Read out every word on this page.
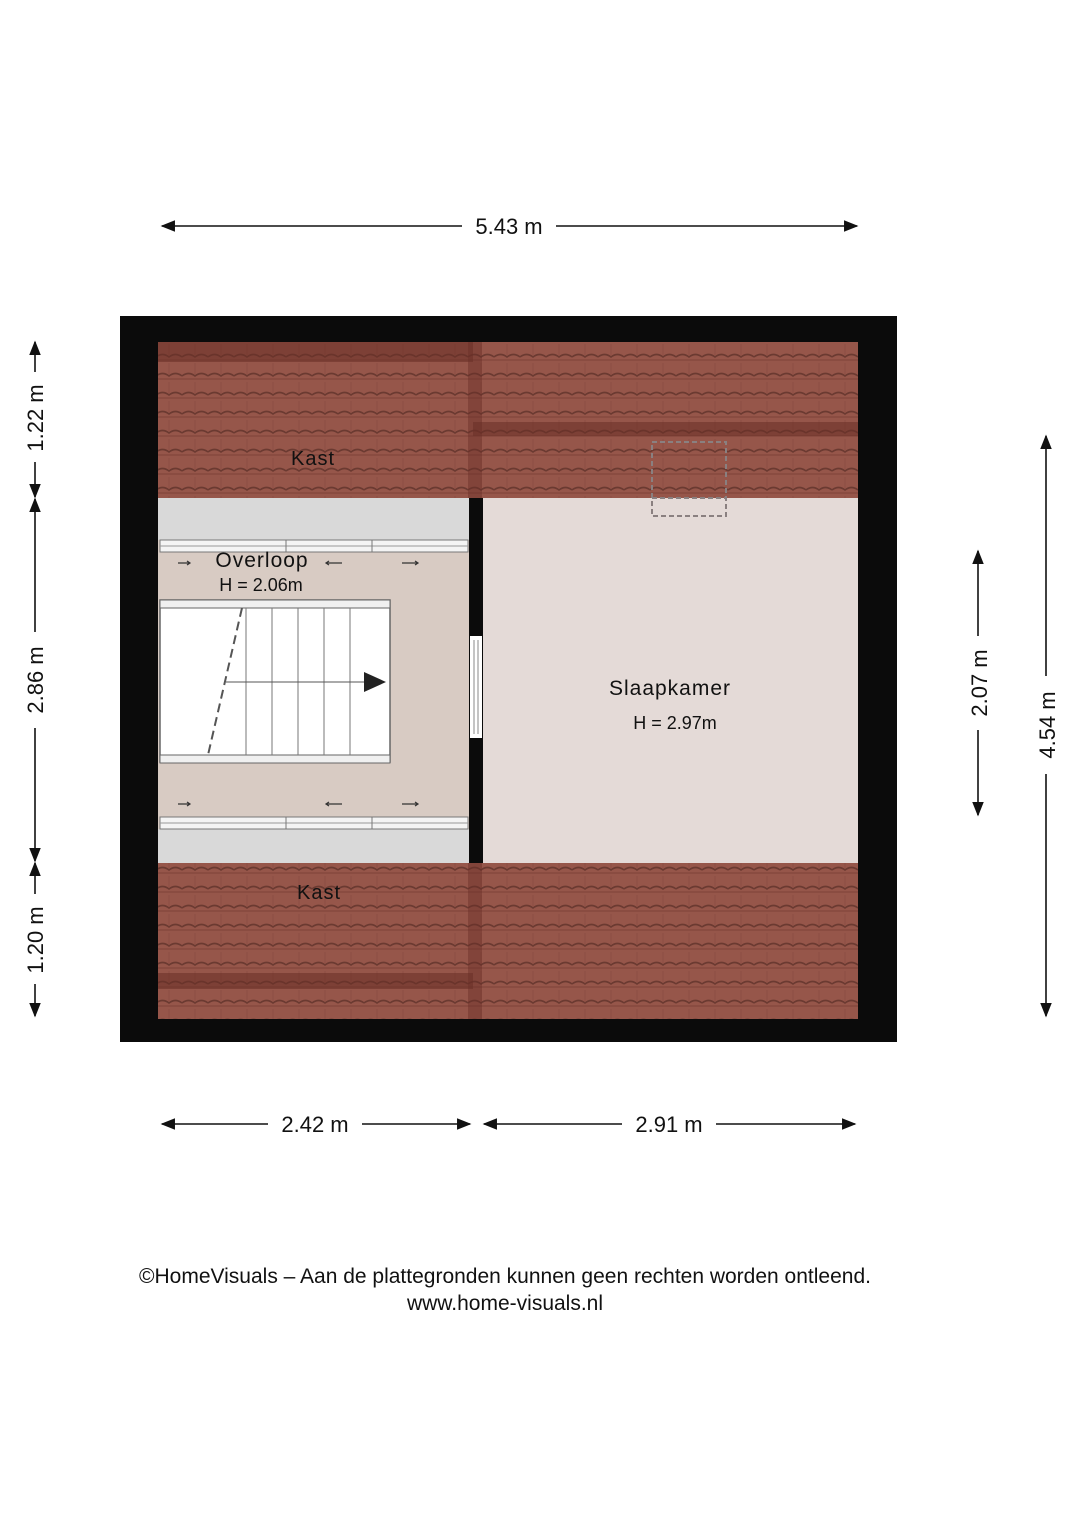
Kast
Kast
Overloop
H = 2.06m
Slaapkamer
H = 2.97m
5.43 m
2.42 m	2.91 m
1.22 m
2.86 m
1.20 m
2.07 m
4.54 m
©HomeVisuals – Aan de plattegronden kunnen geen rechten worden ontleend.
www.home-visuals.nl
